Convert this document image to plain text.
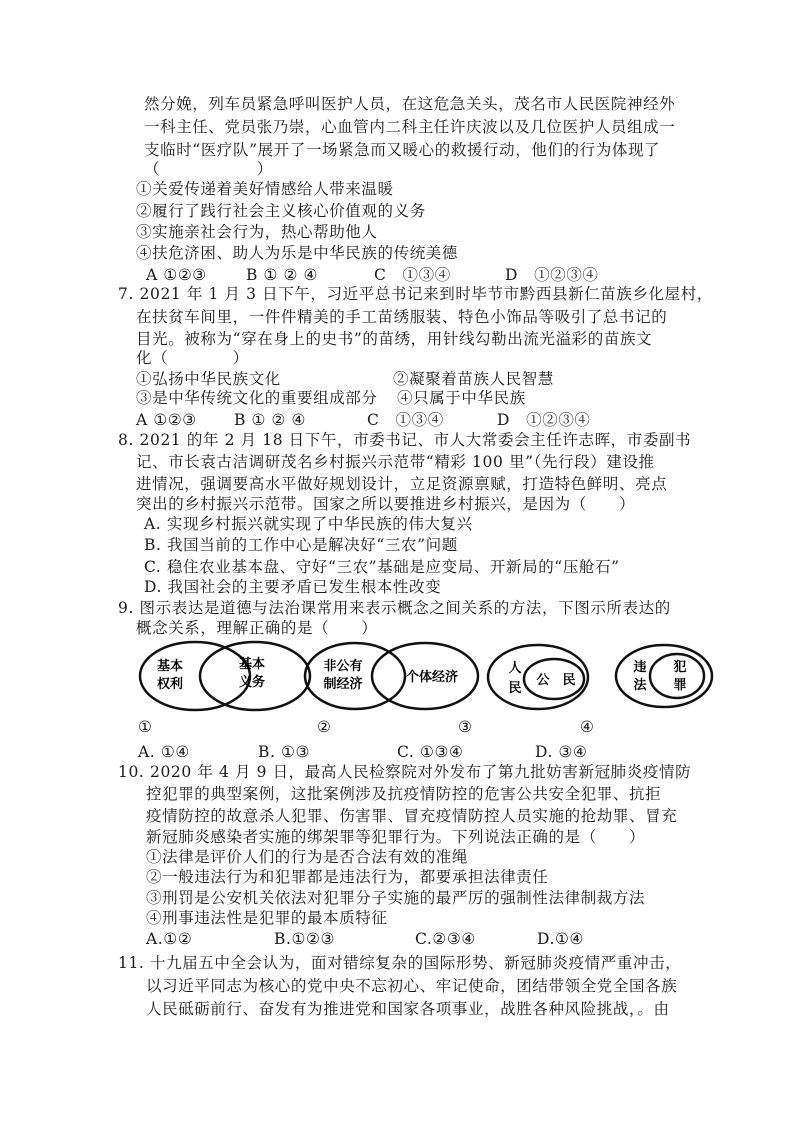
然分娩，列车员紧急呼叫医护人员，在这危急关头，茂名市人民医院神经外
一科主任、党员张乃崇，心血管内二科主任许庆波以及几位医护人员组成一
支临时“医疗队”展开了一场紧急而又暖心的救援行动，他们的行为体现了
（　　　　　　）
①关爱传递着美好情感给人带来温暖
②履行了践行社会主义核心价值观的义务
③实施亲社会行为，热心帮助他人
④扶危济困、助人为乐是中华民族的传统美德
A ①②③	B ① ② ④	C　①③④	D　①②③④
7. 2021 年 1 月 3 日下午，习近平总书记来到时毕节市黔西县新仁苗族乡化屋村，
在扶贫车间里，一件件精美的手工苗绣服装、特色小饰品等吸引了总书记的
目光。被称为“穿在身上的史书”的苗绣，用针线勾勒出流光溢彩的苗族文
化（　　　　）
①弘扬中华民族文化	②凝聚着苗族人民智慧
③是中华传统文化的重要组成部分 ④只属于中华民族
A ①②③ B ① ② ④	C　①③④	D　①②③④
8. 2021 的年 2 月 18 日下午，市委书记、市人大常委会主任许志晖，市委副书
记、市长袁古洁调研茂名乡村振兴示范带“精彩 100 里”（先行段）建设推
进情况，强调要高水平做好规划设计，立足资源禀赋，打造特色鲜明、亮点
突出的乡村振兴示范带。国家之所以要推进乡村振兴，是因为（　　）
A. 实现乡村振兴就实现了中华民族的伟大复兴
B. 我国当前的工作中心是解决好“三农”问题
C. 稳住农业基本盘、守好“三农”基础是应变局、开新局的“压舱石”
D. 我国社会的主要矛盾已发生根本性改变
9. 图示表达是道德与法治课常用来表示概念之间关系的方法，下图示所表达的
概念关系，理解正确的是（　　）
基本
权利
基本
义务
非公有
制经济	个体经济
人
民
公　民
违
法
犯
罪
①	②	③	④
A. ①④	B. ①③	C. ①③④	D. ③④
10. 2020 年 4 月 9 日，最高人民检察院对外发布了第九批妨害新冠肺炎疫情防
控犯罪的典型案例，这批案例涉及抗疫情防控的危害公共安全犯罪、抗拒
疫情防控的故意杀人犯罪、伤害罪、冒充疫情防控人员实施的抢劫罪、冒充
新冠肺炎感染者实施的绑架罪等犯罪行为。下列说法正确的是（　　）
①法律是评价人们的行为是否合法有效的准绳
②一般违法行为和犯罪都是违法行为，都要承担法律责任
③刑罚是公安机关依法对犯罪分子实施的最严厉的强制性法律制裁方法
④刑事违法性是犯罪的最本质特征
A.①②	B.①②③	C.②③④	D.①④
11. 十九届五中全会认为，面对错综复杂的国际形势、新冠肺炎疫情严重冲击，
以习近平同志为核心的党中央不忘初心、牢记使命，团结带领全党全国各族
人民砥砺前行、奋发有为推进党和国家各项事业，战胜各种风险挑战，。由
